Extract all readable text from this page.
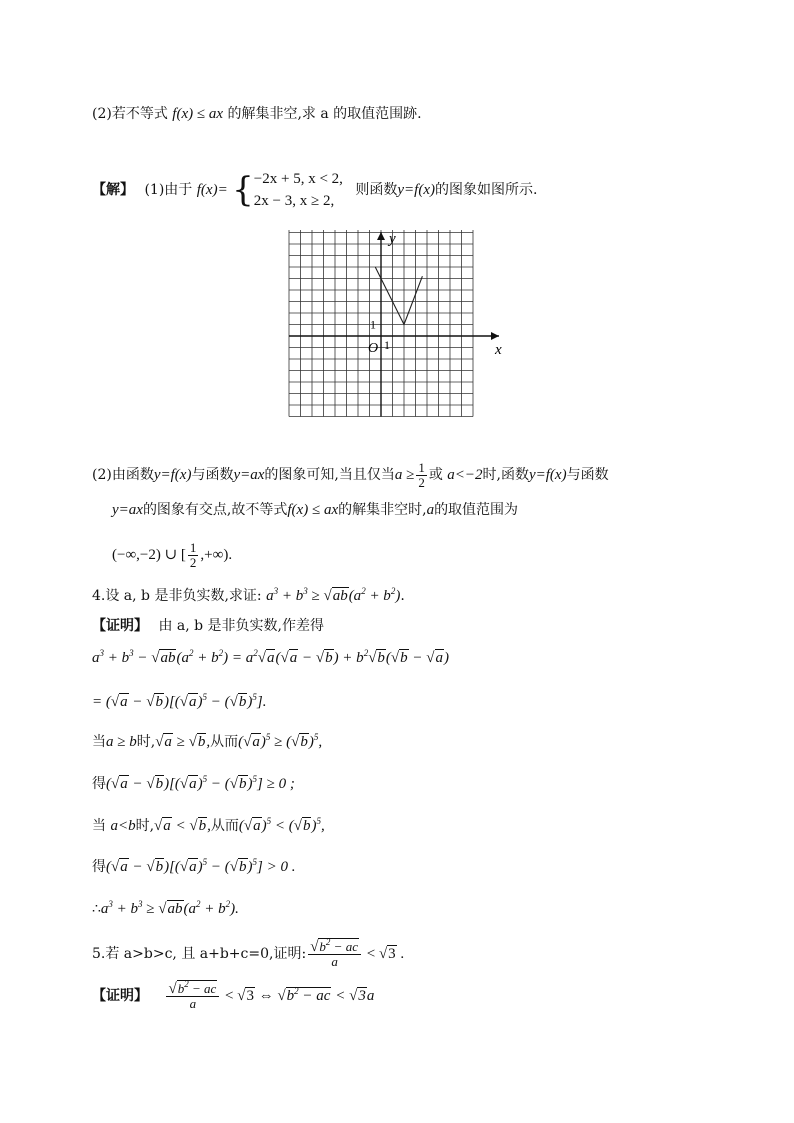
(2)若不等式 f(x) ≤ ax 的解集非空,求 a 的取值范围跡.
【解】 (1)由于 f(x)= { −2x + 5, x < 2,
2x − 3, x ≥ 2,
则函数y=f(x)的图象如图所示.
y
x
O 1
1
(2)由函数y=f(x)与函数y=ax的图象可知,当且仅当$a \ge \frac{1}{2}$ 或 a<−2时,函数y=f(x)与函数
y=ax的图象有交点,故不等式f(x) ≤ ax的解集非空时,a的取值范围为
(−∞,−2) ∪ [ $\frac{1}{2}$ ,+∞).
4.设 a, b 是非负实数,求证: $a^3 + b^3 \ge √ab(a^2 + b^2)$.
【证明】 由 a, b 是非负实数,作差得
$a^3 + b^3 - √ab(a^2 + b^2) = a^2√a(√a - √b) + b^2√b(√b - √a)$
= $(√a - √b)[(√a)^5 - (√b)^5]$.
当a ≥ b时,√a ≥ √b,从而$(√a)^5 \ge (√b)^5$,
得$(√a - √b)[(√a)^5 - (√b)^5] \ge 0$ ;
当 a<b时,√a < √b,从而$(√a)^5 < (√b)^5$,
得$(√a - √b)[(√a)^5 - (√b)^5] > 0$ .
$\therefore a^3 + b^3 \ge √ab(a^2 + b^2)$.
5.若 a>b>c, 且 a+b+c=0,证明: $\frac{√b^2 - ac}{a} < √3$ .
【证明】 $\frac{√b^2 - ac}{a} < √3$ ⇔ $√b^2$ − ac < √3a
